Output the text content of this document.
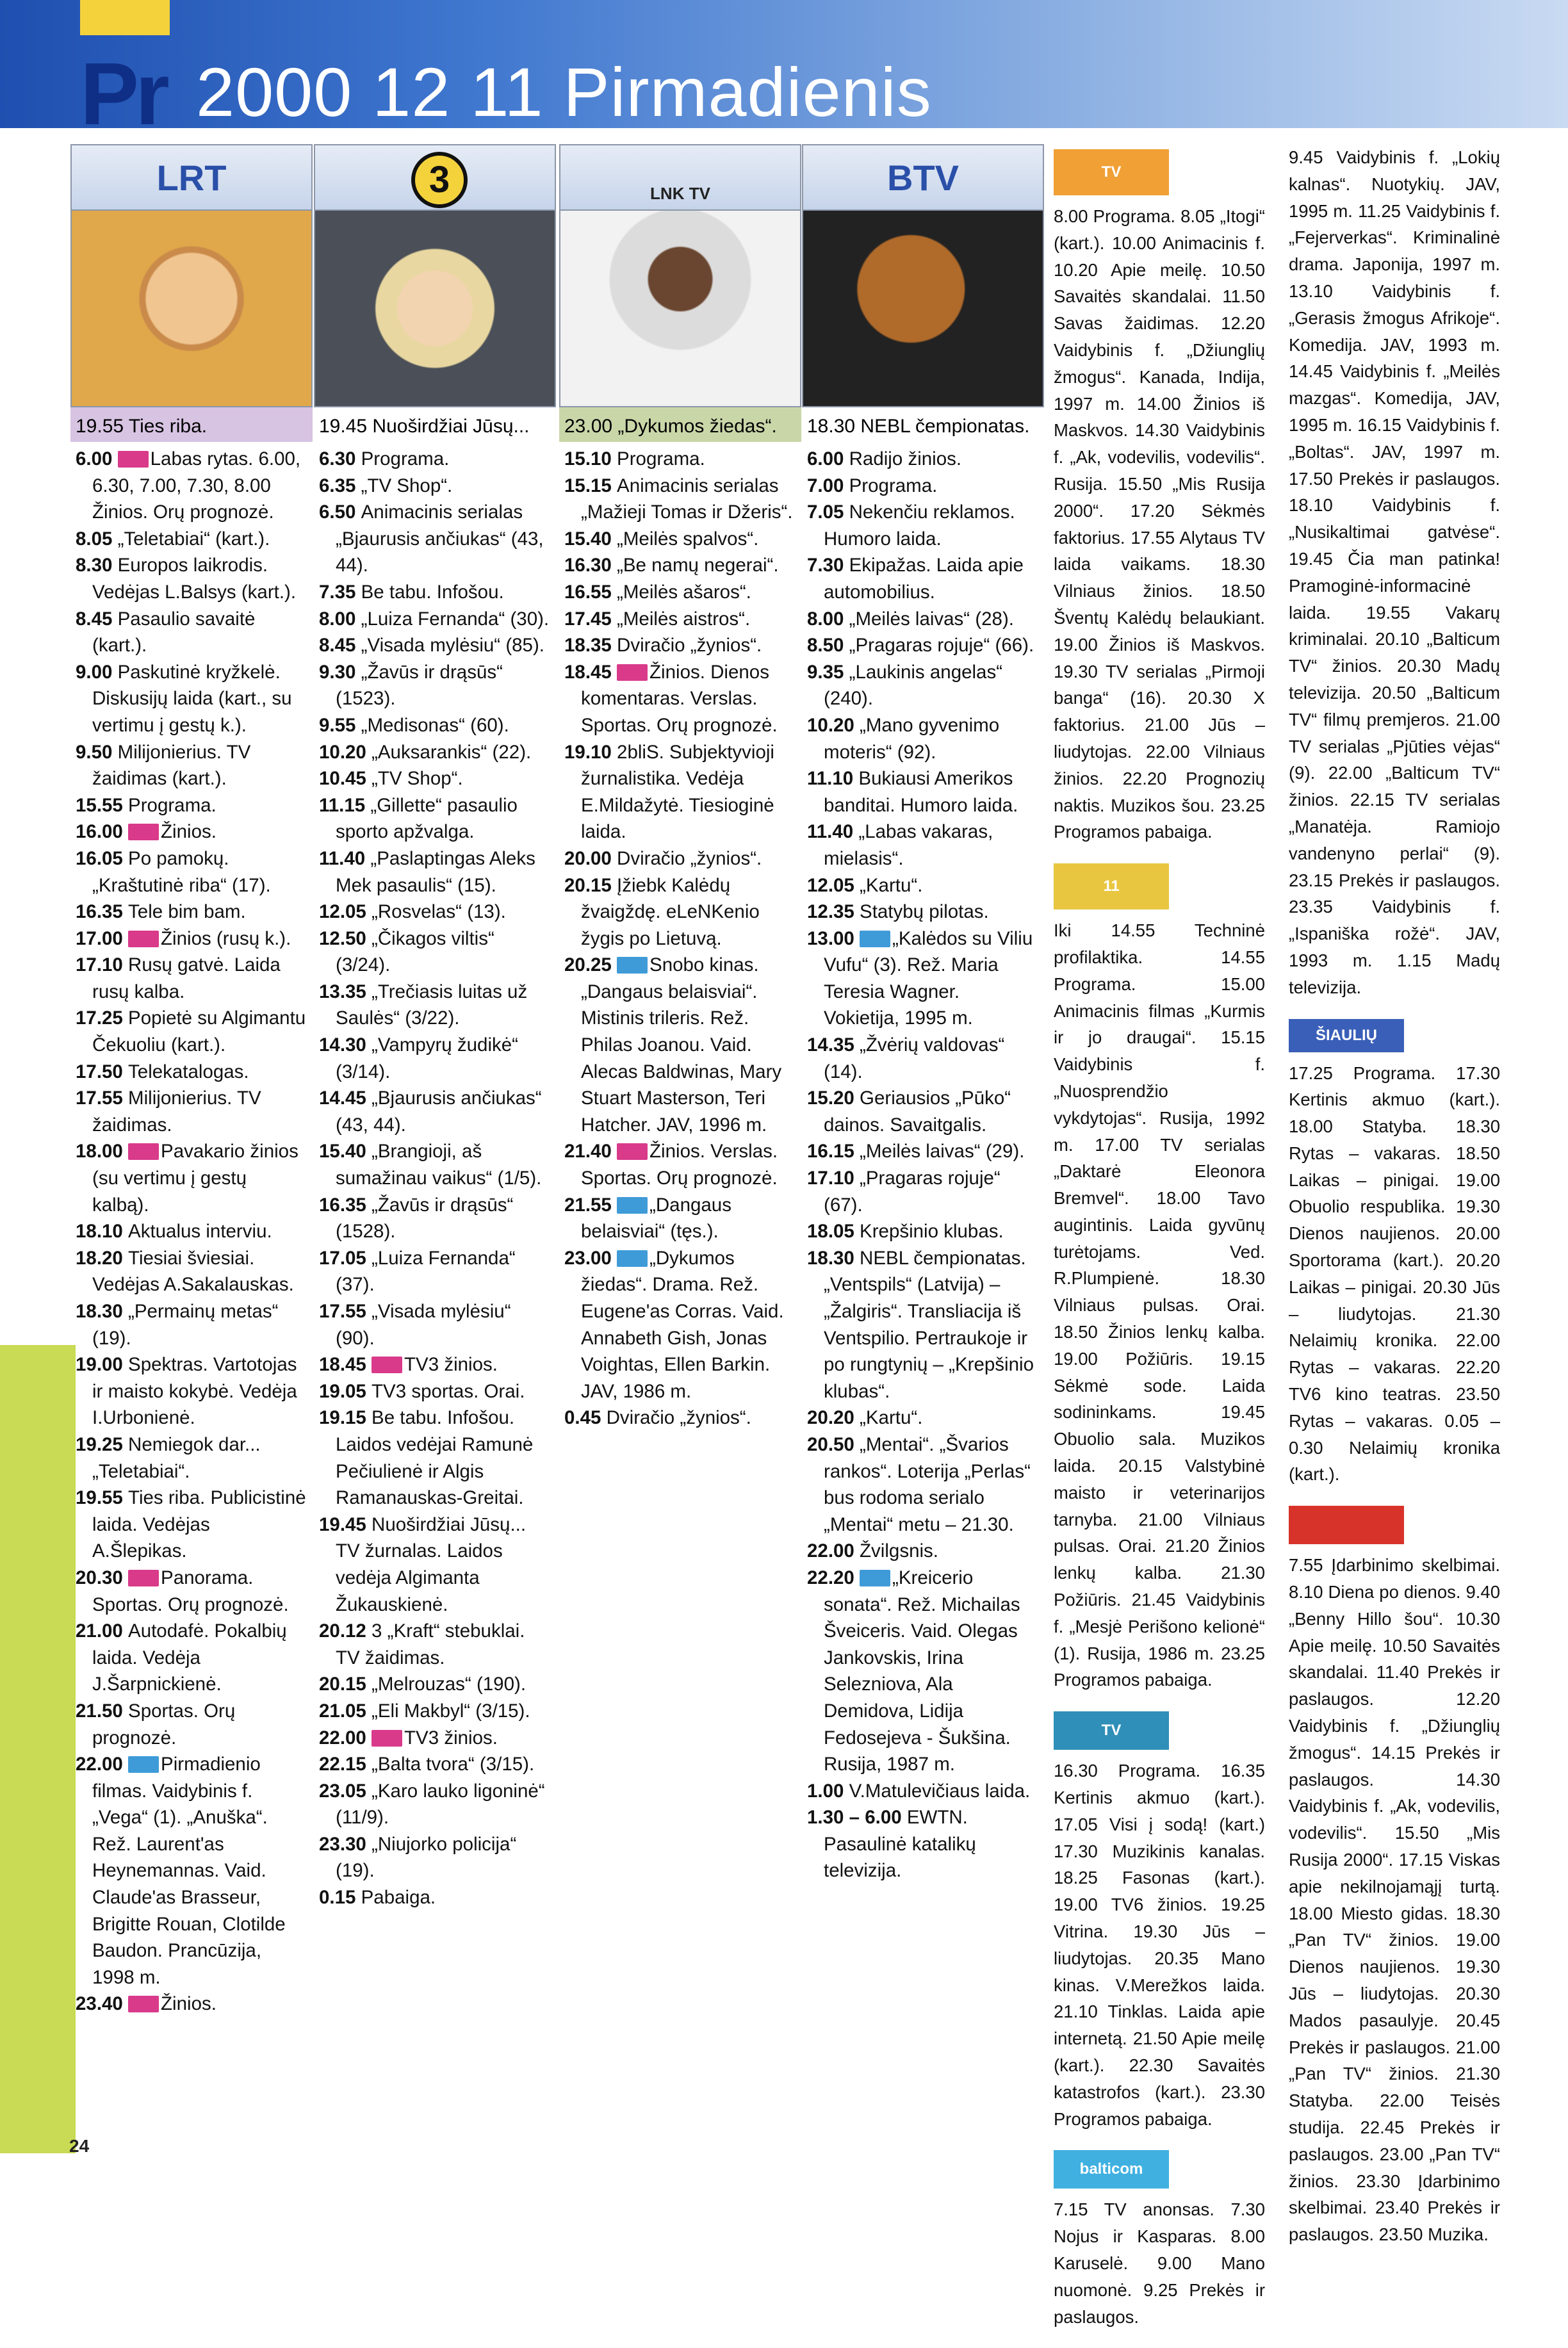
Pr 2000 12 11 Pirmadienis
LRT
19.55 Ties riba.
6.00 Labas rytas. 6.00, 6.30, 7.00, 7.30, 8.00 Žinios. Orų prognozė.
8.05 „Teletabiai“ (kart.).
8.30 Europos laikrodis. Vedėjas L.Balsys (kart.).
8.45 Pasaulio savaitė (kart.).
9.00 Paskutinė kryžkelė. Diskusijų laida (kart., su vertimu į gestų k.).
9.50 Milijonierius. TV žaidimas (kart.).
15.55 Programa.
16.00 Žinios.
16.05 Po pamokų. „Kraštutinė riba“ (17).
16.35 Tele bim bam.
17.00 Žinios (rusų k.).
17.10 Rusų gatvė. Laida rusų kalba.
17.25 Popietė su Algimantu Čekuoliu (kart.).
17.50 Telekatalogas.
17.55 Milijonierius. TV žaidimas.
18.00 Pavakario žinios (su vertimu į gestų kalbą).
18.10 Aktualus interviu.
18.20 Tiesiai šviesiai. Vedėjas A.Sakalauskas.
18.30 „Permainų metas“ (19).
19.00 Spektras. Vartotojas ir maisto kokybė. Vedėja I.Urbonienė.
19.25 Nemiegok dar... „Teletabiai“.
19.55 Ties riba. Publicistinė laida. Vedėjas A.Šlepikas.
20.30 Panorama. Sportas. Orų prognozė.
21.00 Autodafė. Pokalbių laida. Vedėja J.Šarpnickienė.
21.50 Sportas. Orų prognozė.
22.00 Pirmadienio filmas. Vaidybinis f. „Vega“ (1). „Anuška“. Rež. Laurent'as Heynemannas. Vaid. Claude'as Brasseur, Brigitte Rouan, Clotilde Baudon. Prancūzija, 1998 m.
23.40 Žinios.
3
19.45 Nuoširdžiai Jūsų...
6.30 Programa.
6.35 „TV Shop“.
6.50 Animacinis serialas „Bjaurusis ančiukas“ (43, 44).
7.35 Be tabu. Infošou.
8.00 „Luiza Fernanda“ (30).
8.45 „Visada mylėsiu“ (85).
9.30 „Žavūs ir drąsūs“ (1523).
9.55 „Medisonas“ (60).
10.20 „Auksarankis“ (22).
10.45 „TV Shop“.
11.15 „Gillette“ pasaulio sporto apžvalga.
11.40 „Paslaptingas Aleks Mek pasaulis“ (15).
12.05 „Rosvelas“ (13).
12.50 „Čikagos viltis“ (3/24).
13.35 „Trečiasis luitas už Saulės“ (3/22).
14.30 „Vampyrų žudikė“ (3/14).
14.45 „Bjaurusis ančiukas“ (43, 44).
15.40 „Brangioji, aš sumažinau vaikus“ (1/5).
16.35 „Žavūs ir drąsūs“ (1528).
17.05 „Luiza Fernanda“ (37).
17.55 „Visada mylėsiu“ (90).
18.45 TV3 žinios.
19.05 TV3 sportas. Orai.
19.15 Be tabu. Infošou. Laidos vedėjai Ramunė Pečiulienė ir Algis Ramanauskas-Greitai.
19.45 Nuoširdžiai Jūsų... TV žurnalas. Laidos vedėja Algimanta Žukauskienė.
20.12 3 „Kraft“ stebuklai. TV žaidimas.
20.15 „Melrouzas“ (190).
21.05 „Eli Makbyl“ (3/15).
22.00 TV3 žinios.
22.15 „Balta tvora“ (3/15).
23.05 „Karo lauko ligoninė“ (11/9).
23.30 „Niujorko policija“ (19).
0.15 Pabaiga.
LNK TV
23.00 „Dykumos žiedas“.
15.10 Programa.
15.15 Animacinis serialas „Mažieji Tomas ir Džeris“.
15.40 „Meilės spalvos“.
16.30 „Be namų negerai“.
16.55 „Meilės ašaros“.
17.45 „Meilės aistros“.
18.35 Dviračio „žynios“.
18.45 Žinios. Dienos komentaras. Verslas. Sportas. Orų prognozė.
19.10 2bliS. Subjektyvioji žurnalistika. Vedėja E.Mildažytė. Tiesioginė laida.
20.00 Dviračio „žynios“.
20.15 Įžiebk Kalėdų žvaigždę. eLeNKenio žygis po Lietuvą.
20.25 Snobo kinas. „Dangaus belaisviai“. Mistinis trileris. Rež. Philas Joanou. Vaid. Alecas Baldwinas, Mary Stuart Masterson, Teri Hatcher. JAV, 1996 m.
21.40 Žinios. Verslas. Sportas. Orų prognozė.
21.55 „Dangaus belaisviai“ (tęs.).
23.00 „Dykumos žiedas“. Drama. Rež. Eugene'as Corras. Vaid. Annabeth Gish, Jonas Voightas, Ellen Barkin. JAV, 1986 m.
0.45 Dviračio „žynios“.
BTV
18.30 NEBL čempionatas.
6.00 Radijo žinios.
7.00 Programa.
7.05 Nekenčiu reklamos. Humoro laida.
7.30 Ekipažas. Laida apie automobilius.
8.00 „Meilės laivas“ (28).
8.50 „Pragaras rojuje“ (66).
9.35 „Laukinis angelas“ (240).
10.20 „Mano gyvenimo moteris“ (92).
11.10 Bukiausi Amerikos banditai. Humoro laida.
11.40 „Labas vakaras, mielasis“.
12.05 „Kartu“.
12.35 Statybų pilotas.
13.00 „Kalėdos su Viliu Vufu“ (3). Rež. Maria Teresia Wagner. Vokietija, 1995 m.
14.35 „Žvėrių valdovas“ (14).
15.20 Geriausios „Pūko“ dainos. Savaitgalis.
16.15 „Meilės laivas“ (29).
17.10 „Pragaras rojuje“ (67).
18.05 Krepšinio klubas.
18.30 NEBL čempionatas. „Ventspils“ (Latvija) – „Žalgiris“. Transliacija iš Ventspilio. Pertraukoje ir po rungtynių – „Krepšinio klubas“.
20.20 „Kartu“.
20.50 „Mentai“. „Švarios rankos“. Loterija „Perlas“ bus rodoma serialo „Mentai“ metu – 21.30.
22.00 Žvilgsnis.
22.20 „Kreicerio sonata“. Rež. Michailas Šveiceris. Vaid. Olegas Jankovskis, Irina Selezniova, Ala Demidova, Lidija Fedosejeva - Šukšina. Rusija, 1987 m.
1.00 V.Matulevičiaus laida.
1.30 – 6.00 EWTN. Pasaulinė katalikų televizija.
TV
8.00 Programa. 8.05 „Itogi“ (kart.). 10.00 Animacinis f. 10.20 Apie meilę. 10.50 Savaitės skandalai. 11.50 Savas žaidimas. 12.20 Vaidybinis f. „Džiunglių žmogus“. Kanada, Indija, 1997 m. 14.00 Žinios iš Maskvos. 14.30 Vaidybinis f. „Ak, vodevilis, vodevilis“. Rusija. 15.50 „Mis Rusija 2000“. 17.20 Sėkmės faktorius. 17.55 Alytaus TV laida vaikams. 18.30 Vilniaus žinios. 18.50 Šventų Kalėdų belaukiant. 19.00 Žinios iš Maskvos. 19.30 TV serialas „Pirmoji banga“ (16). 20.30 X faktorius. 21.00 Jūs – liudytojas. 22.00 Vilniaus žinios. 22.20 Prognozių naktis. Muzikos šou. 23.25 Programos pabaiga.
11
Iki 14.55 Techninė profilaktika. 14.55 Programa. 15.00 Animacinis filmas „Kurmis ir jo draugai“. 15.15 Vaidybinis f. „Nuosprendžio vykdytojas“. Rusija, 1992 m. 17.00 TV serialas „Daktarė Eleonora Bremvel“. 18.00 Tavo augintinis. Laida gyvūnų turėtojams. Ved. R.Plumpienė. 18.30 Vilniaus pulsas. Orai. 18.50 Žinios lenkų kalba. 19.00 Požiūris. 19.15 Sėkmė sode. Laida sodininkams. 19.45 Obuolio sala. Muzikos laida. 20.15 Valstybinė maisto ir veterinarijos tarnyba. 21.00 Vilniaus pulsas. Orai. 21.20 Žinios lenkų kalba. 21.30 Požiūris. 21.45 Vaidybinis f. „Mesjė Perišono kelionė“ (1). Rusija, 1986 m. 23.25 Programos pabaiga.
TV
16.30 Programa. 16.35 Kertinis akmuo (kart.). 17.05 Visi į sodą! (kart.) 17.30 Muzikinis kanalas. 18.25 Fasonas (kart.). 19.00 TV6 žinios. 19.25 Vitrina. 19.30 Jūs – liudytojas. 20.35 Mano kinas. V.Merežkos laida. 21.10 Tinklas. Laida apie internetą. 21.50 Apie meilę (kart.). 22.30 Savaitės katastrofos (kart.). 23.30 Programos pabaiga.
balticom
7.15 TV anonsas. 7.30 Nojus ir Kasparas. 8.00 Karuselė. 9.00 Mano nuomonė. 9.25 Prekės ir paslaugos.
9.45 Vaidybinis f. „Lokių kalnas“. Nuotykių. JAV, 1995 m. 11.25 Vaidybinis f. „Fejerverkas“. Kriminalinė drama. Japonija, 1997 m. 13.10 Vaidybinis f. „Gerasis žmogus Afrikoje“. Komedija. JAV, 1993 m. 14.45 Vaidybinis f. „Meilės mazgas“. Komedija, JAV, 1995 m. 16.15 Vaidybinis f. „Boltas“. JAV, 1997 m. 17.50 Prekės ir paslaugos. 18.10 Vaidybinis f. „Nusikaltimai gatvėse“. 19.45 Čia man patinka! Pramoginė-informacinė laida. 19.55 Vakarų kriminalai. 20.10 „Balticum TV“ žinios. 20.30 Madų televizija. 20.50 „Balticum TV“ filmų premjeros. 21.00 TV serialas „Pjūties vėjas“ (9). 22.00 „Balticum TV“ žinios. 22.15 TV serialas „Manatėja. Ramiojo vandenyno perlai“ (9). 23.15 Prekės ir paslaugos. 23.35 Vaidybinis f. „Ispaniška rožė“. JAV, 1993 m. 1.15 Madų televizija.
ŠIAULIŲ
17.25 Programa. 17.30 Kertinis akmuo (kart.). 18.00 Statyba. 18.30 Rytas – vakaras. 18.50 Laikas – pinigai. 19.00 Obuolio respublika. 19.30 Dienos naujienos. 20.00 Sportorama (kart.). 20.20 Laikas – pinigai. 20.30 Jūs – liudytojas. 21.30 Nelaimių kronika. 22.00 Rytas – vakaras. 22.20 TV6 kino teatras. 23.50 Rytas – vakaras. 0.05 – 0.30 Nelaimių kronika (kart.).
7.55 Įdarbinimo skelbimai. 8.10 Diena po dienos. 9.40 „Benny Hillo šou“. 10.30 Apie meilę. 10.50 Savaitės skandalai. 11.40 Prekės ir paslaugos. 12.20 Vaidybinis f. „Džiunglių žmogus“. 14.15 Prekės ir paslaugos. 14.30 Vaidybinis f. „Ak, vodevilis, vodevilis“. 15.50 „Mis Rusija 2000“. 17.15 Viskas apie nekilnojamąjį turtą. 18.00 Miesto gidas. 18.30 „Pan TV“ žinios. 19.00 Dienos naujienos. 19.30 Jūs – liudytojas. 20.30 Mados pasaulyje. 20.45 Prekės ir paslaugos. 21.00 „Pan TV“ žinios. 21.30 Statyba. 22.00 Teisės studija. 22.45 Prekės ir paslaugos. 23.00 „Pan TV“ žinios. 23.30 Įdarbinimo skelbimai. 23.40 Prekės ir paslaugos. 23.50 Muzika.
24
